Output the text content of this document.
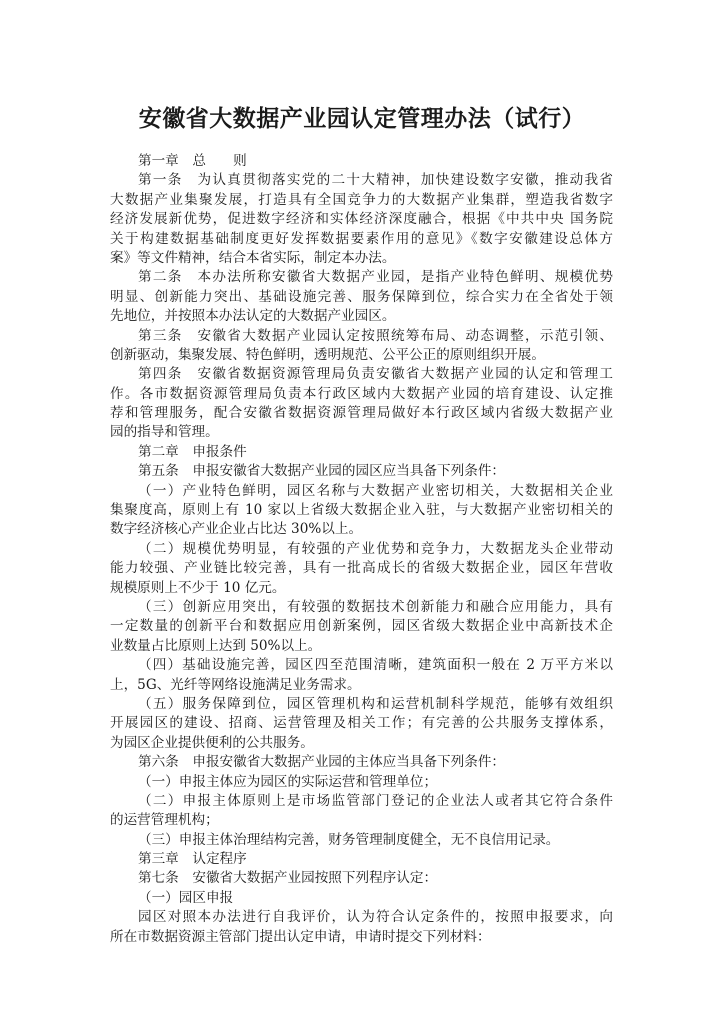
安徽省大数据产业园认定管理办法（试行）
第一章　总　　则
第一条　为认真贯彻落实党的二十大精神，加快建设数字安徽，推动我省
大数据产业集聚发展，打造具有全国竞争力的大数据产业集群，塑造我省数字
经济发展新优势，促进数字经济和实体经济深度融合，根据《中共中央 国务院
关于构建数据基础制度更好发挥数据要素作用的意见》《数字安徽建设总体方
案》等文件精神，结合本省实际，制定本办法。
第二条　本办法所称安徽省大数据产业园，是指产业特色鲜明、规模优势
明显、创新能力突出、基础设施完善、服务保障到位，综合实力在全省处于领
先地位，并按照本办法认定的大数据产业园区。
第三条　安徽省大数据产业园认定按照统筹布局、动态调整，示范引领、
创新驱动，集聚发展、特色鲜明，透明规范、公平公正的原则组织开展。
第四条　安徽省数据资源管理局负责安徽省大数据产业园的认定和管理工
作。各市数据资源管理局负责本行政区域内大数据产业园的培育建设、认定推
荐和管理服务，配合安徽省数据资源管理局做好本行政区域内省级大数据产业
园的指导和管理。
第二章　申报条件
第五条　申报安徽省大数据产业园的园区应当具备下列条件：
（一）产业特色鲜明，园区名称与大数据产业密切相关，大数据相关企业
集聚度高，原则上有 10 家以上省级大数据企业入驻，与大数据产业密切相关的
数字经济核心产业企业占比达 30%以上。
（二）规模优势明显，有较强的产业优势和竞争力，大数据龙头企业带动
能力较强、产业链比较完善，具有一批高成长的省级大数据企业，园区年营收
规模原则上不少于 10 亿元。
（三）创新应用突出，有较强的数据技术创新能力和融合应用能力，具有
一定数量的创新平台和数据应用创新案例，园区省级大数据企业中高新技术企
业数量占比原则上达到 50%以上。
（四）基础设施完善，园区四至范围清晰，建筑面积一般在 2 万平方米以
上，5G、光纤等网络设施满足业务需求。
（五）服务保障到位，园区管理机构和运营机制科学规范，能够有效组织
开展园区的建设、招商、运营管理及相关工作；有完善的公共服务支撑体系，
为园区企业提供便利的公共服务。
第六条　申报安徽省大数据产业园的主体应当具备下列条件：
（一）申报主体应为园区的实际运营和管理单位；
（二）申报主体原则上是市场监管部门登记的企业法人或者其它符合条件
的运营管理机构；
（三）申报主体治理结构完善，财务管理制度健全，无不良信用记录。
第三章　认定程序
第七条　安徽省大数据产业园按照下列程序认定：
（一）园区申报
园区对照本办法进行自我评价，认为符合认定条件的，按照申报要求，向
所在市数据资源主管部门提出认定申请，申请时提交下列材料：
